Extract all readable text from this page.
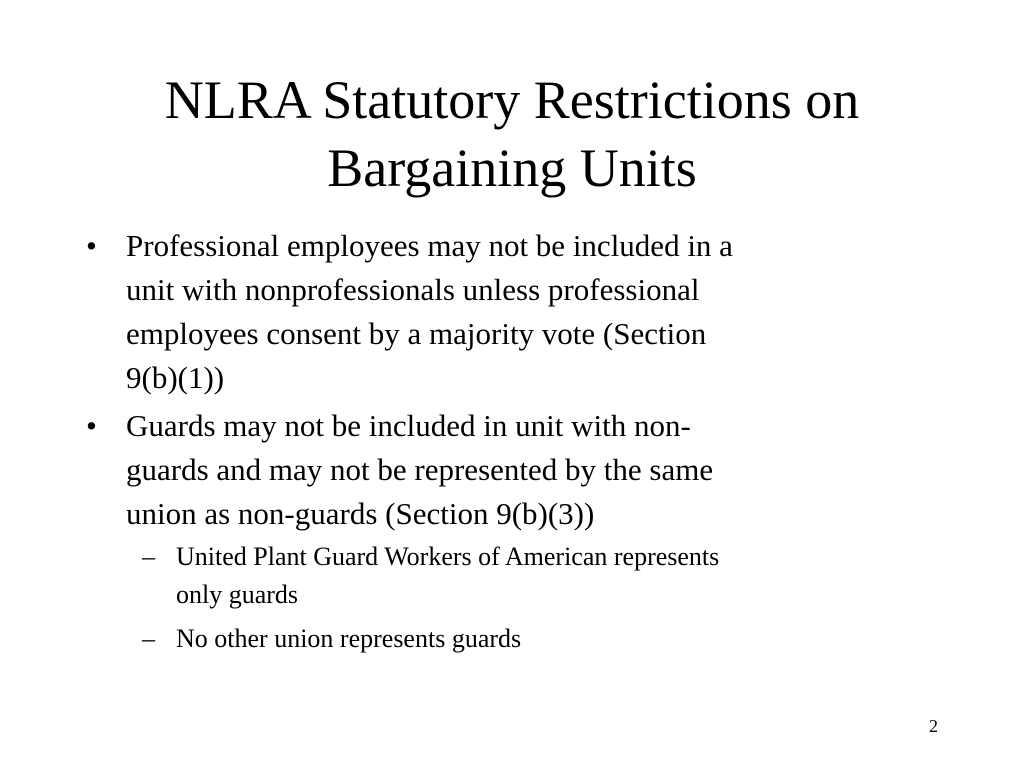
NLRA Statutory Restrictions on
Bargaining Units
• Professional employees may not be included in a
unit with nonprofessionals unless professional
employees consent by a majority vote (Section
9(b)(1))
• Guards may not be included in unit with non-
guards and may not be represented by the same
union as non-guards (Section 9(b)(3))
– United Plant Guard Workers of American represents
only guards
– No other union represents guards
2
